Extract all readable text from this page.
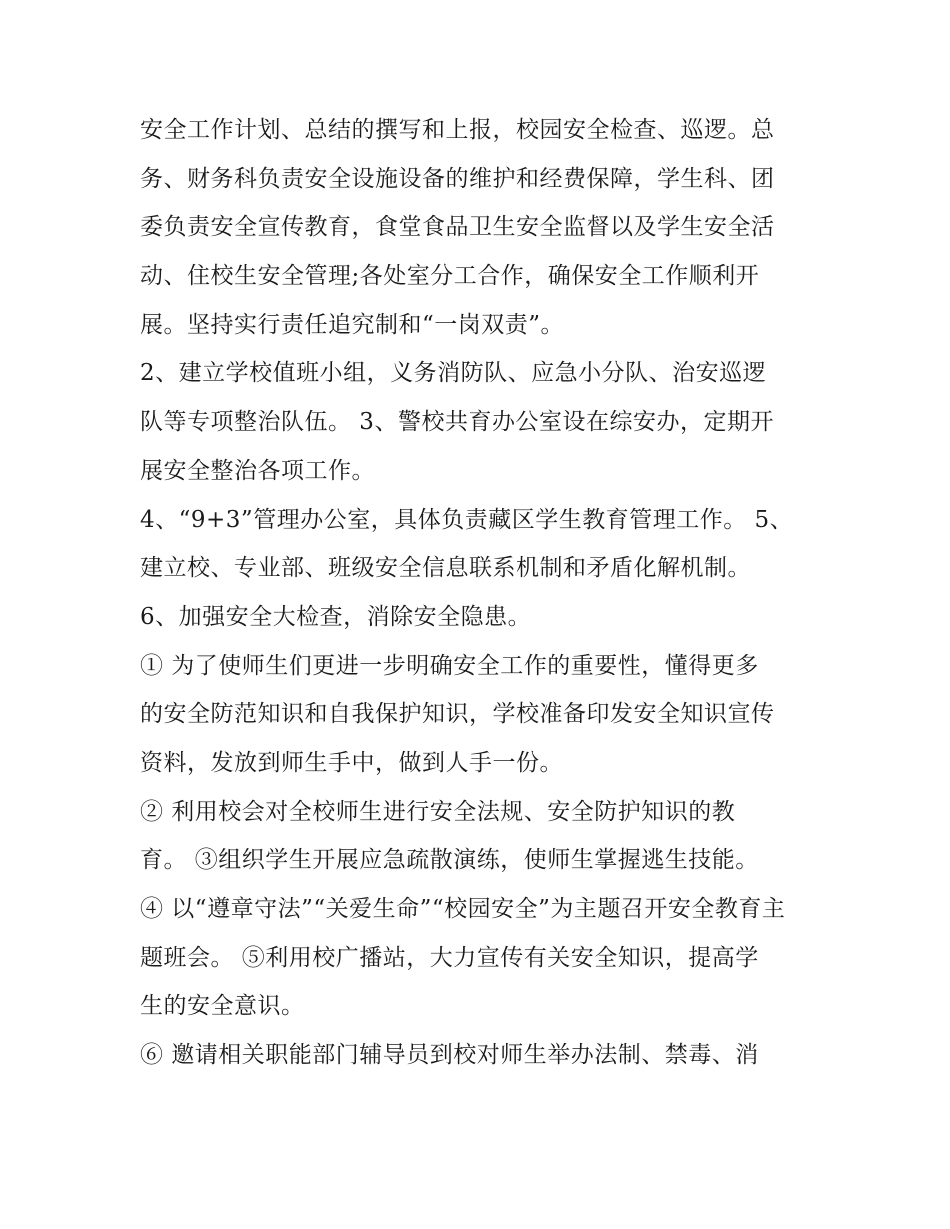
安全工作计划、总结的撰写和上报，校园安全检查、巡逻。总
务、财务科负责安全设施设备的维护和经费保障，学生科、团
委负责安全宣传教育，食堂食品卫生安全监督以及学生安全活
动、住校生安全管理;各处室分工合作，确保安全工作顺利开
展。坚持实行责任追究制和“一岗双责”。
2、建立学校值班小组，义务消防队、应急小分队、治安巡逻
队等专项整治队伍。 3、警校共育办公室设在综安办，定期开
展安全整治各项工作。
4、“9+3”管理办公室，具体负责藏区学生教育管理工作。 5、
建立校、专业部、班级安全信息联系机制和矛盾化解机制。
6、加强安全大检查，消除安全隐患。
① 为了使师生们更进一步明确安全工作的重要性，懂得更多
的安全防范知识和自我保护知识，学校准备印发安全知识宣传
资料，发放到师生手中，做到人手一份。
② 利用校会对全校师生进行安全法规、安全防护知识的教
育。 ③组织学生开展应急疏散演练，使师生掌握逃生技能。
④ 以“遵章守法”“关爱生命”“校园安全”为主题召开安全教育主
题班会。 ⑤利用校广播站，大力宣传有关安全知识，提高学
生的安全意识。
⑥ 邀请相关职能部门辅导员到校对师生举办法制、禁毒、消
